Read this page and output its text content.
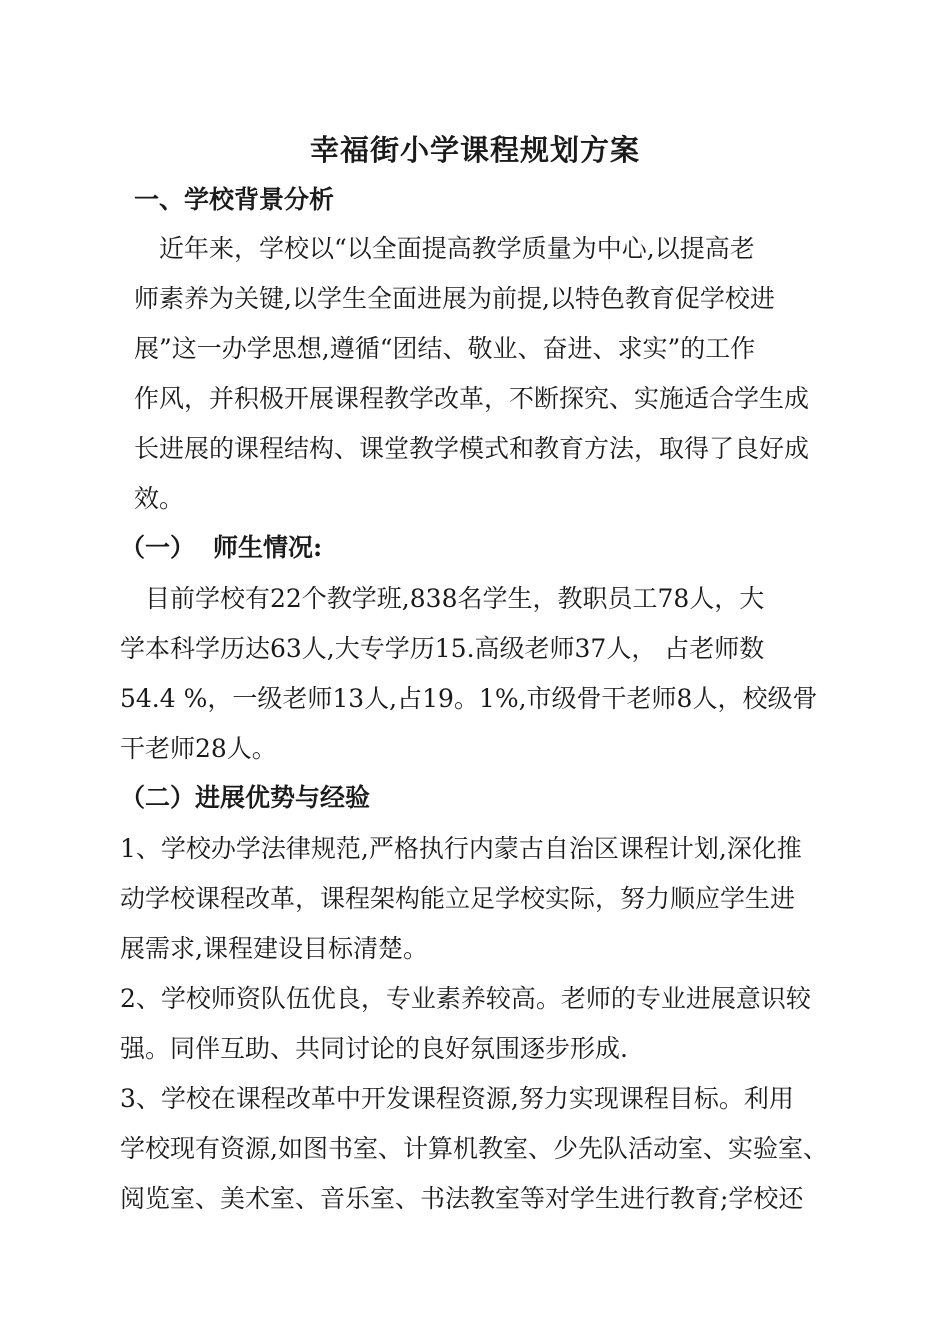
幸福街小学课程规划方案
一、学校背景分析
　近年来，学校以“以全面提高教学质量为中心,以提高老
师素养为关键,以学生全面进展为前提,以特色教育促学校进
展”这一办学思想,遵循“团结、敬业、奋进、求实”的工作
作风，并积极开展课程教学改革，不断探究、实施适合学生成
长进展的课程结构、课堂教学模式和教育方法，取得了良好成
效。
（一） 师生情况:
　目前学校有22个教学班,838名学生，教职员工78人，大
学本科学历达63人,大专学历15.高级老师37人， 占老师数
54.4 %，一级老师13人,占19。1%,市级骨干老师8人，校级骨
干老师28人。
（二）进展优势与经验
1、学校办学法律规范,严格执行内蒙古自治区课程计划,深化推
动学校课程改革，课程架构能立足学校实际，努力顺应学生进
展需求,课程建设目标清楚。
2、学校师资队伍优良，专业素养较高。老师的专业进展意识较
强。同伴互助、共同讨论的良好氛围逐步形成.
3、学校在课程改革中开发课程资源,努力实现课程目标。利用
学校现有资源,如图书室、计算机教室、少先队活动室、实验室、
阅览室、美术室、音乐室、书法教室等对学生进行教育;学校还
